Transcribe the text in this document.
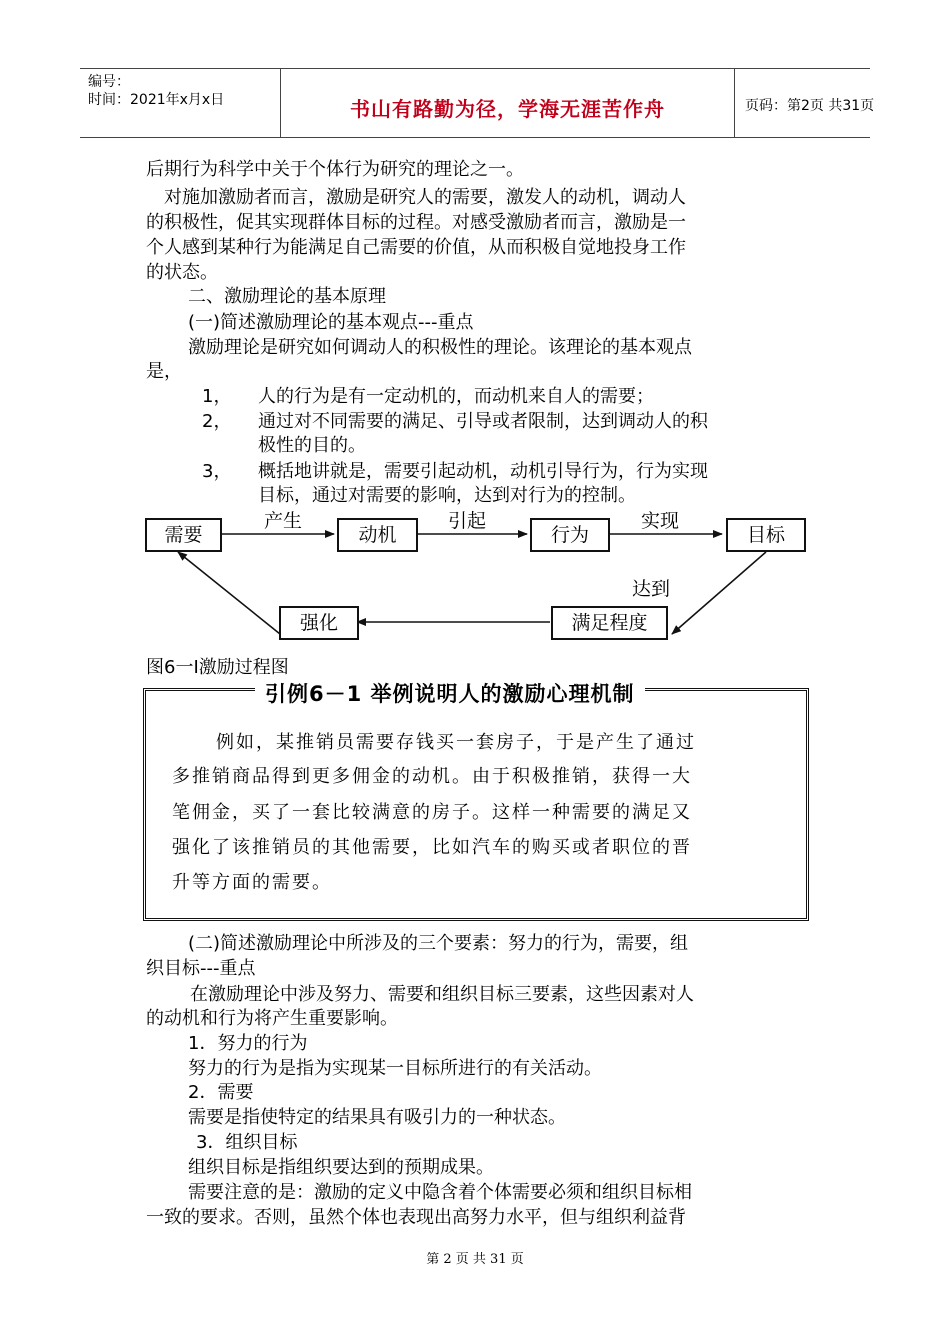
编号：
时间：2021年x月x日	书山有路勤为径，学海无涯苦作舟	页码：第2页 共31页
后期行为科学中关于个体行为研究的理论之一。
　对施加激励者而言，激励是研究人的需要，激发人的动机，调动人
的积极性，促其实现群体目标的过程。对感受激励者而言，激励是一
个人感到某种行为能满足自己需要的价值，从而积极自觉地投身工作
的状态。
二、激励理论的基本原理
(一)简述激励理论的基本观点---重点
激励理论是研究如何调动人的积极性的理论。该理论的基本观点
是，
1， 人的行为是有一定动机的，而动机来自人的需要；
2， 通过对不同需要的满足、引导或者限制，达到调动人的积
极性的目的。
3， 概括地讲就是，需要引起动机，动机引导行为，行为实现
目标，通过对需要的影响，达到对行为的控制。
需要	动机	行为	目标
满足程度
强化
产生	引起	实现
达到
图6一I激励过程图
引例6－1 举例说明人的激励心理机制
例如，某推销员需要存钱买一套房子，于是产生了通过
多推销商品得到更多佣金的动机。由于积极推销，获得一大
笔佣金，买了一套比较满意的房子。这样一种需要的满足又
强化了该推销员的其他需要，比如汽车的购买或者职位的晋
升等方面的需要。
(二)简述激励理论中所涉及的三个要素：努力的行为，需要，组
织目标---重点
在激励理论中涉及努力、需要和组织目标三要素，这些因素对人
的动机和行为将产生重要影响。
1．努力的行为
努力的行为是指为实现某一目标所进行的有关活动。
2．需要
需要是指使特定的结果具有吸引力的一种状态。
3．组织目标
组织目标是指组织要达到的预期成果。
需要注意的是：激励的定义中隐含着个体需要必须和组织目标相
一致的要求。否则，虽然个体也表现出高努力水平，但与组织利益背
第 2 页 共 31 页
